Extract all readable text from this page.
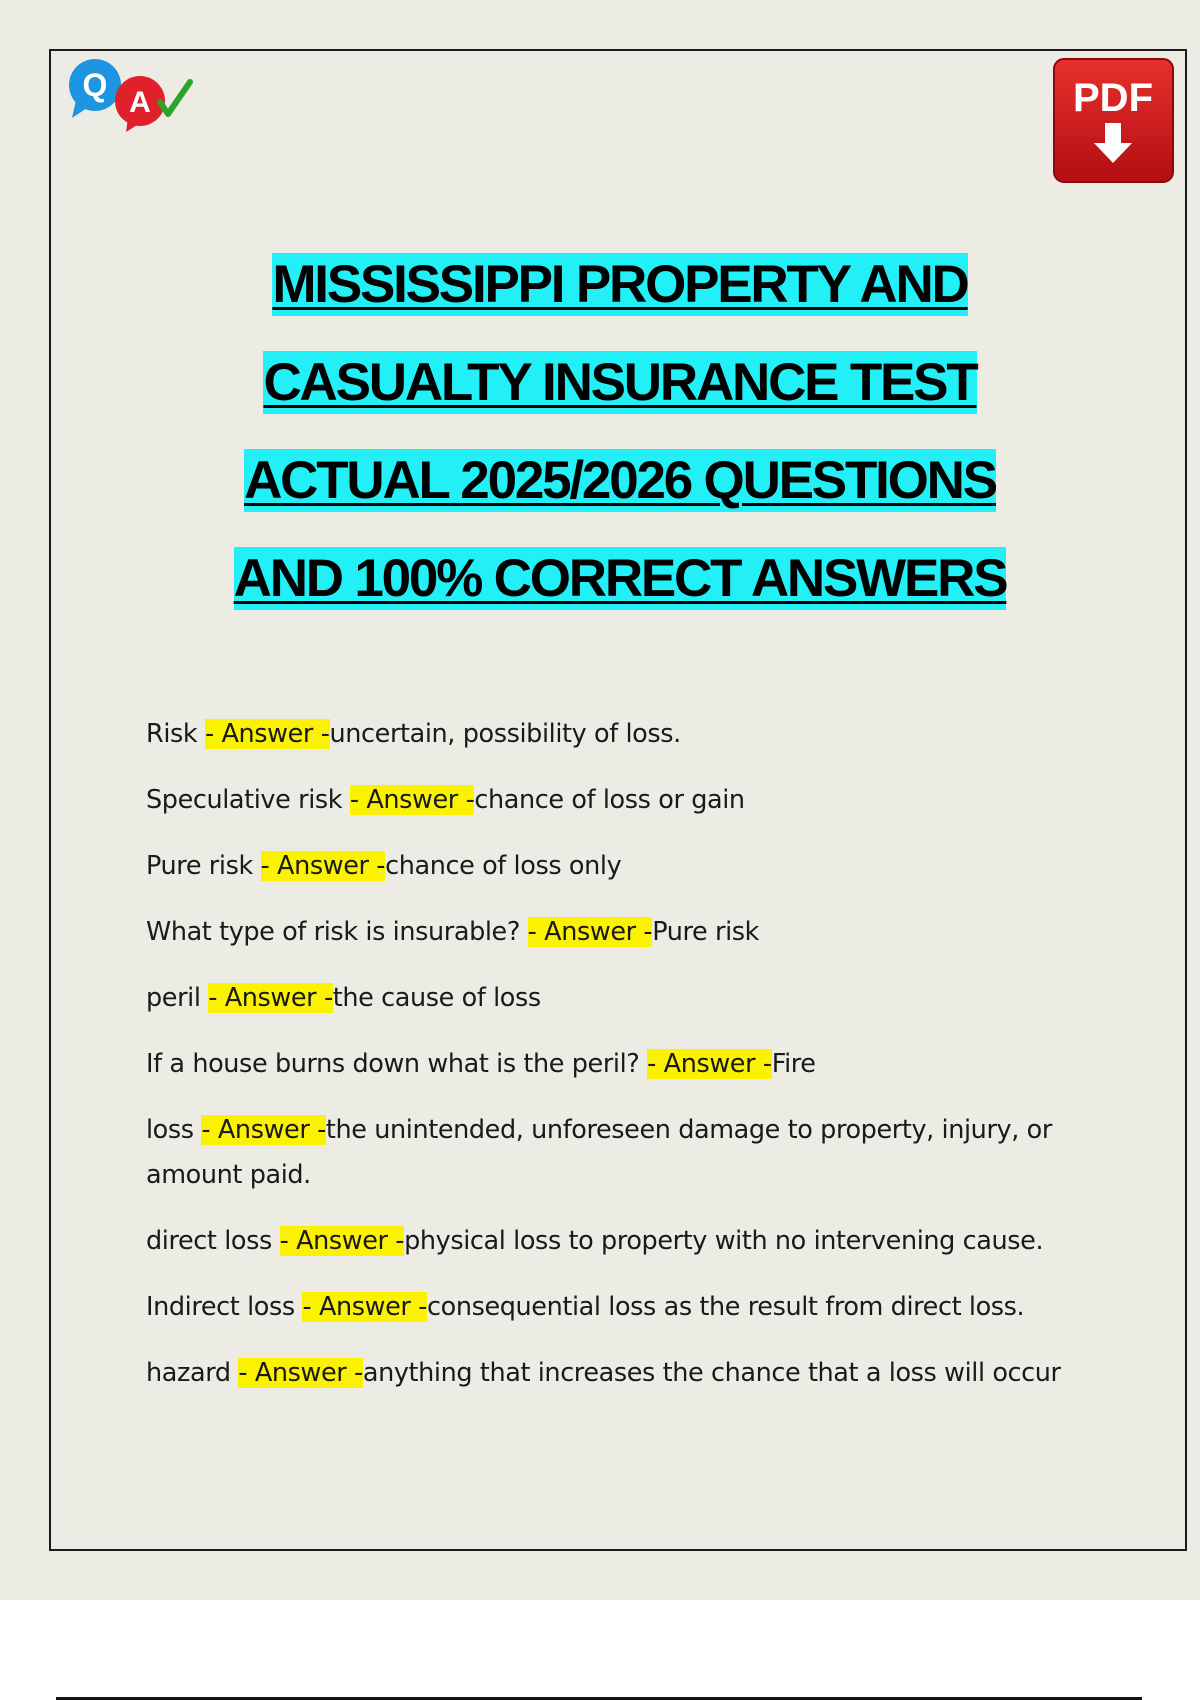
Q A	PDF
MISSISSIPPI PROPERTY AND
CASUALTY INSURANCE TEST
ACTUAL 2025/2026 QUESTIONS
AND 100% CORRECT ANSWERS
Risk - Answer -uncertain, possibility of loss.
Speculative risk - Answer -chance of loss or gain
Pure risk - Answer -chance of loss only
What type of risk is insurable? - Answer -Pure risk
peril - Answer -the cause of loss
If a house burns down what is the peril? - Answer -Fire
loss - Answer -the unintended, unforeseen damage to property, injury, or amount paid.
direct loss - Answer -physical loss to property with no intervening cause.
Indirect loss - Answer -consequential loss as the result from direct loss.
hazard - Answer -anything that increases the chance that a loss will occur
